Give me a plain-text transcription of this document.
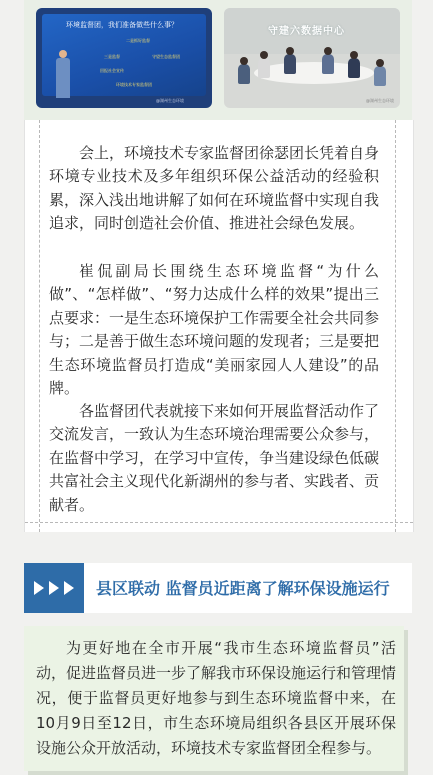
环境监督团，我们准备做些什么事？
二是抓好监督
三是监督	守望生态监督团
回报社会宣传
环境技术专家监督团
@湖州生态环境
守建六数据中心
@湖州生态环境

会上，环境技术专家监督团徐瑟团长凭着自身环境专业技术及多年组织环保公益活动的经验积累，深入浅出地讲解了如何在环境监督中实现自我追求，同时创造社会价值、推进社会绿色发展。

崔侃副局长围绕生态环境监督“为什么做”、“怎样做”、“努力达成什么样的效果”提出三点要求：一是生态环境保护工作需要全社会共同参与；二是善于做生态环境问题的发现者；三是要把生态环境监督员打造成“美丽家园人人建设”的品牌。

各监督团代表就接下来如何开展监督活动作了交流发言，一致认为生态环境治理需要公众参与，在监督中学习，在学习中宣传，争当建设绿色低碳共富社会主义现代化新湖州的参与者、实践者、贡献者。

县区联动 监督员近距离了解环保设施运行

为更好地在全市开展“我市生态环境监督员”活动，促进监督员进一步了解我市环保设施运行和管理情况，便于监督员更好地参与到生态环境监督中来，在10月9日至12日，市生态环境局组织各县区开展环保设施公众开放活动，环境技术专家监督团全程参与。
